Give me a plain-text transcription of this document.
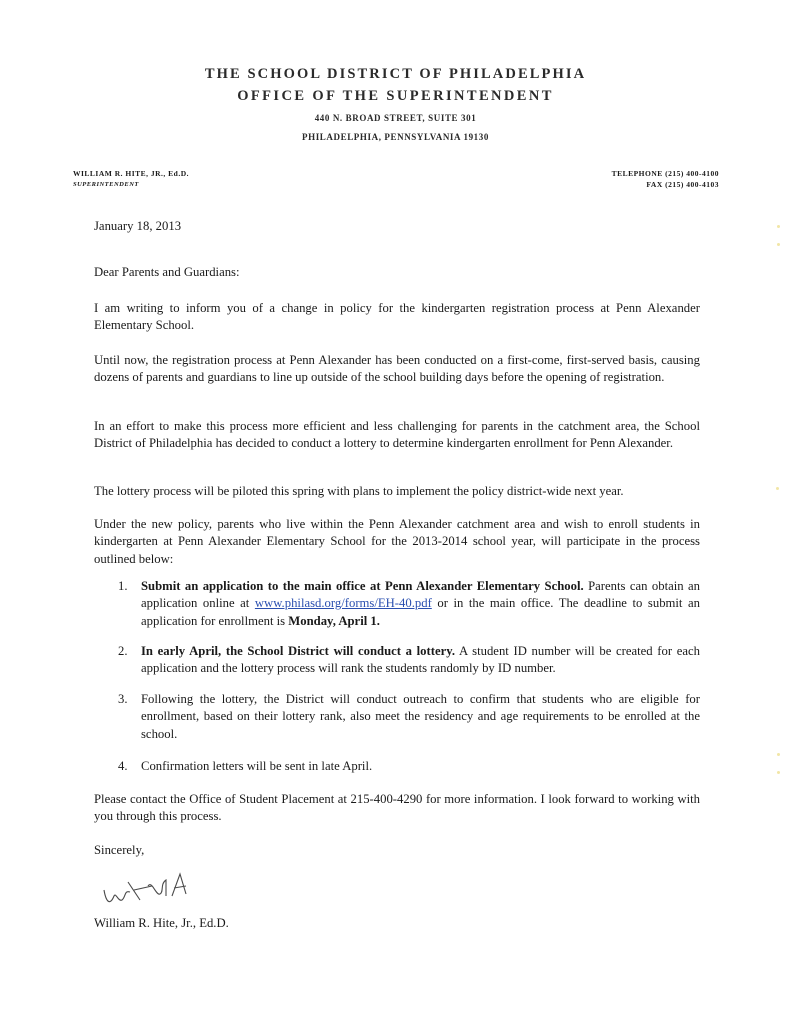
THE SCHOOL DISTRICT OF PHILADELPHIA
OFFICE OF THE SUPERINTENDENT
440 N. BROAD STREET, SUITE 301
PHILADELPHIA, PENNSYLVANIA 19130
WILLIAM R. HITE, JR., Ed.D.
SUPERINTENDENT
TELEPHONE (215) 400-4100
FAX (215) 400-4103
January 18, 2013
Dear Parents and Guardians:
I am writing to inform you of a change in policy for the kindergarten registration process at Penn Alexander Elementary School.
Until now, the registration process at Penn Alexander has been conducted on a first-come, first-served basis, causing dozens of parents and guardians to line up outside of the school building days before the opening of registration.
In an effort to make this process more efficient and less challenging for parents in the catchment area, the School District of Philadelphia has decided to conduct a lottery to determine kindergarten enrollment for Penn Alexander.
The lottery process will be piloted this spring with plans to implement the policy district-wide next year.
Under the new policy, parents who live within the Penn Alexander catchment area and wish to enroll students in kindergarten at Penn Alexander Elementary School for the 2013-2014 school year, will participate in the process outlined below:
1. Submit an application to the main office at Penn Alexander Elementary School. Parents can obtain an application online at www.philasd.org/forms/EH-40.pdf or in the main office. The deadline to submit an application for enrollment is Monday, April 1.
2. In early April, the School District will conduct a lottery. A student ID number will be created for each application and the lottery process will rank the students randomly by ID number.
3. Following the lottery, the District will conduct outreach to confirm that students who are eligible for enrollment, based on their lottery rank, also meet the residency and age requirements to be enrolled at the school.
4. Confirmation letters will be sent in late April.
Please contact the Office of Student Placement at 215-400-4290 for more information. I look forward to working with you through this process.
Sincerely,
William R. Hite, Jr., Ed.D.
